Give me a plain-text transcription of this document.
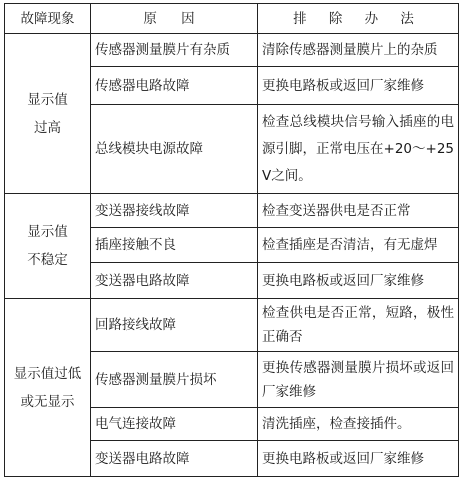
故障现象	原 因	排 除 办 法
显示值
过高	传感器测量膜片有杂质	清除传感器测量膜片上的杂质
	传感器电路故障	更换电路板或返回厂家维修
	总线模块电源故障	检查总线模块信号输入插座的电源引脚，正常电压在+20～+25V之间。
显示值
不稳定	变送器接线故障	检查变送器供电是否正常
	插座接触不良	检查插座是否清洁，有无虚焊
	变送器电路故障	更换电路板或返回厂家维修
显示值过低
或无显示	回路接线故障	检查供电是否正常，短路，极性正确否
	传感器测量膜片损坏	更换传感器测量膜片损坏或返回厂家维修
	电气连接故障	清洗插座，检查接插件。
	变送器电路故障	更换电路板或返回厂家维修
